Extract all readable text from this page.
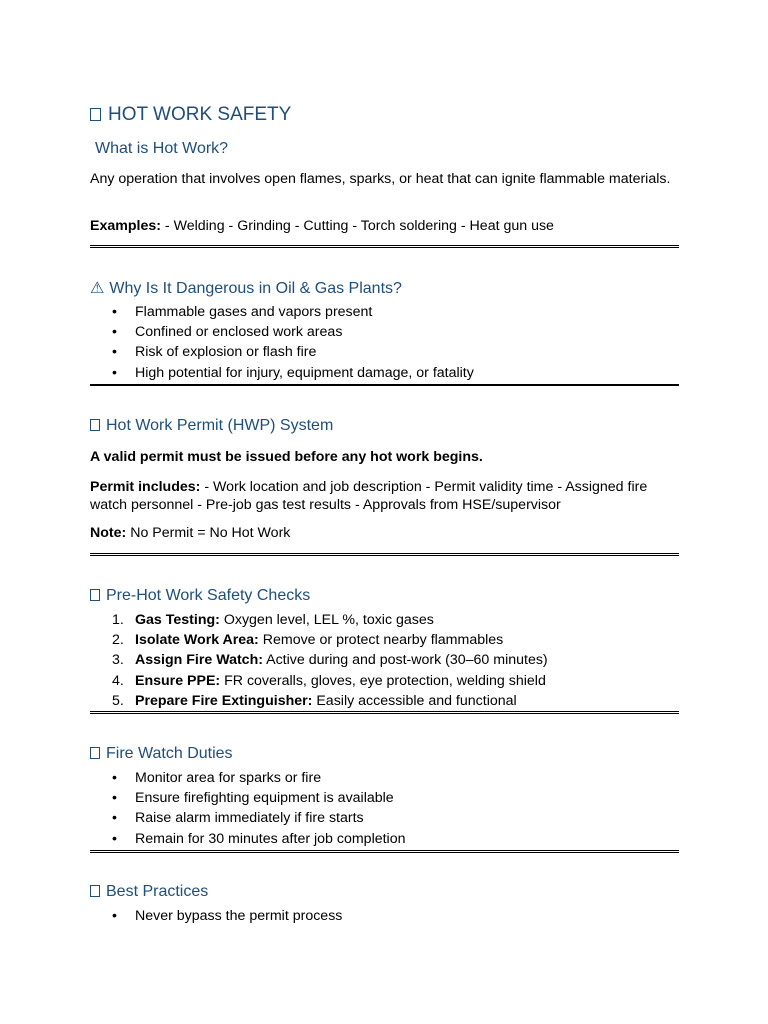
HOT WORK SAFETY
What is Hot Work?
Any operation that involves open flames, sparks, or heat that can ignite flammable materials.
Examples: - Welding - Grinding - Cutting - Torch soldering - Heat gun use
⚠ Why Is It Dangerous in Oil & Gas Plants?
• Flammable gases and vapors present
• Confined or enclosed work areas
• Risk of explosion or flash fire
• High potential for injury, equipment damage, or fatality
Hot Work Permit (HWP) System
A valid permit must be issued before any hot work begins.
Permit includes: - Work location and job description - Permit validity time - Assigned fire watch personnel - Pre-job gas test results - Approvals from HSE/supervisor
Note: No Permit = No Hot Work
Pre-Hot Work Safety Checks
1. Gas Testing: Oxygen level, LEL %, toxic gases
2. Isolate Work Area: Remove or protect nearby flammables
3. Assign Fire Watch: Active during and post-work (30–60 minutes)
4. Ensure PPE: FR coveralls, gloves, eye protection, welding shield
5. Prepare Fire Extinguisher: Easily accessible and functional
Fire Watch Duties
• Monitor area for sparks or fire
• Ensure firefighting equipment is available
• Raise alarm immediately if fire starts
• Remain for 30 minutes after job completion
Best Practices
• Never bypass the permit process
